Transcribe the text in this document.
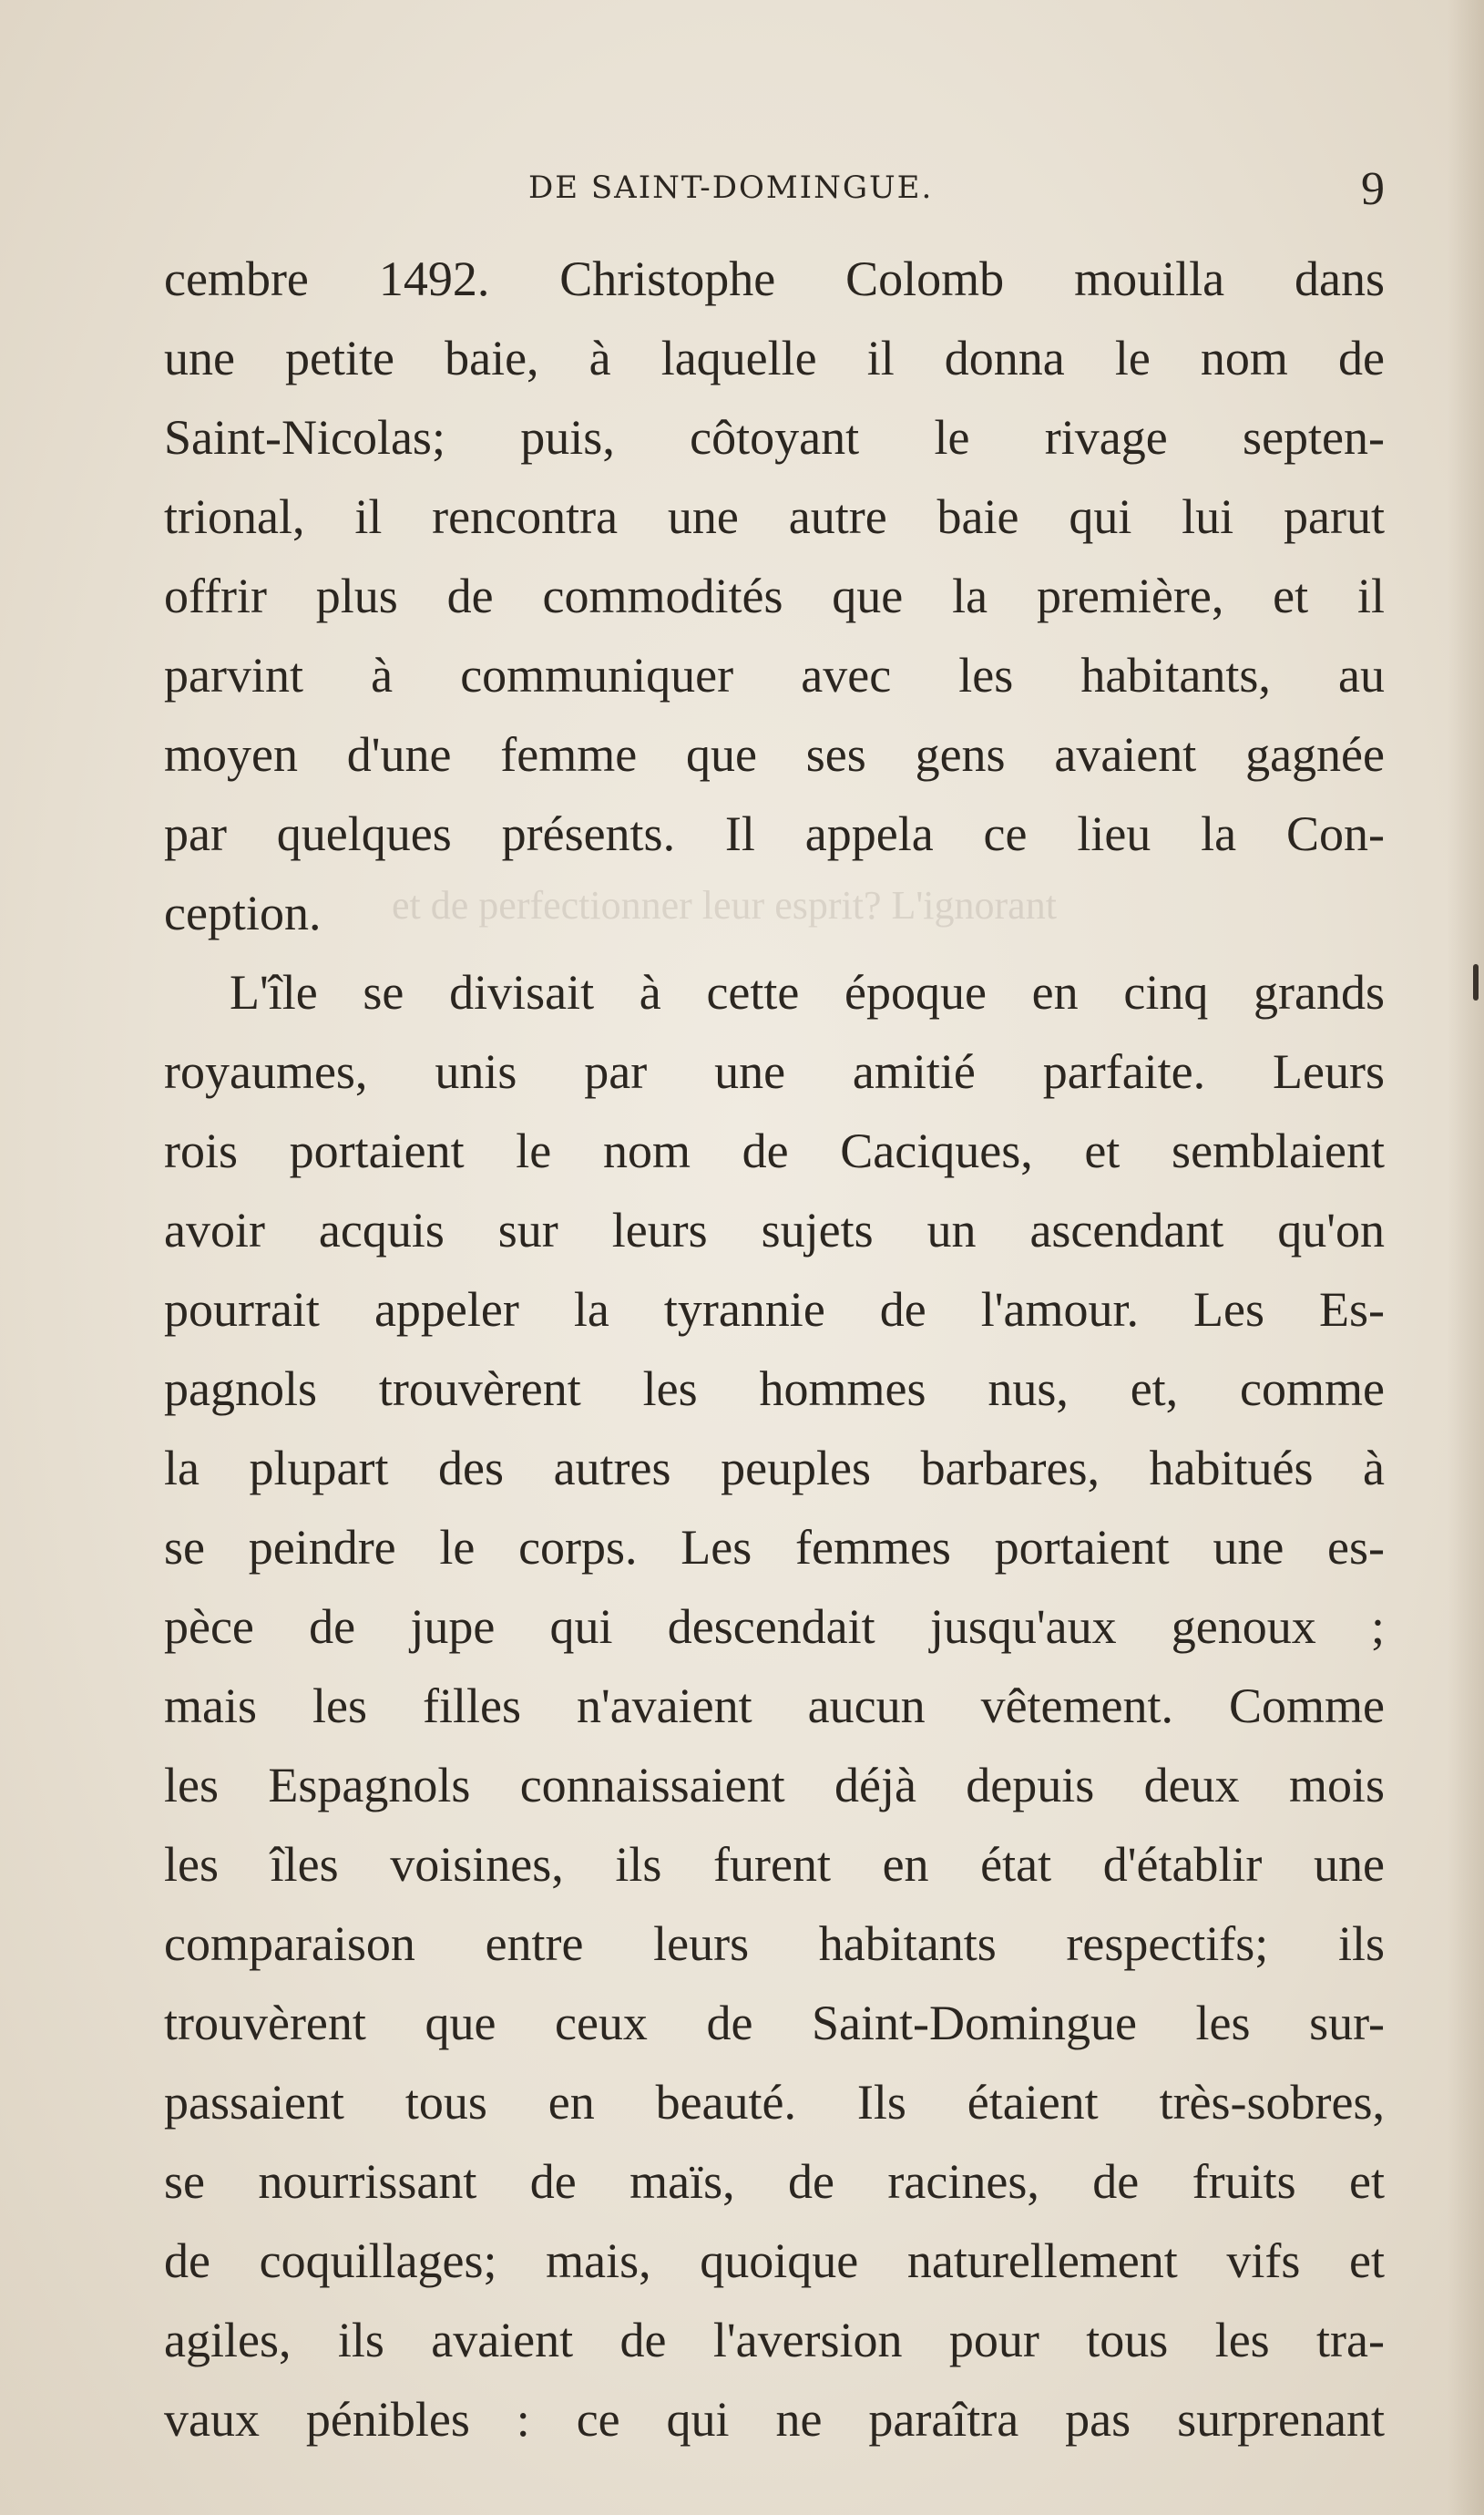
et de perfectionner leur esprit? L'ignorant
DE SAINT-DOMINGUE.	9
cembre 1492. Christophe Colomb mouilla dans
une petite baie, à laquelle il donna le nom de
Saint-Nicolas; puis, côtoyant le rivage septen-
trional, il rencontra une autre baie qui lui parut
offrir plus de commodités que la première, et il
parvint à communiquer avec les habitants, au
moyen d'une femme que ses gens avaient gagnée
par quelques présents. Il appela ce lieu la Con-
ception.
L'île se divisait à cette époque en cinq grands
royaumes, unis par une amitié parfaite. Leurs
rois portaient le nom de Caciques, et semblaient
avoir acquis sur leurs sujets un ascendant qu'on
pourrait appeler la tyrannie de l'amour. Les Es-
pagnols trouvèrent les hommes nus, et, comme
la plupart des autres peuples barbares, habitués à
se peindre le corps. Les femmes portaient une es-
pèce de jupe qui descendait jusqu'aux genoux ;
mais les filles n'avaient aucun vêtement. Comme
les Espagnols connaissaient déjà depuis deux mois
les îles voisines, ils furent en état d'établir une
comparaison entre leurs habitants respectifs; ils
trouvèrent que ceux de Saint-Domingue les sur-
passaient tous en beauté. Ils étaient très-sobres,
se nourrissant de maïs, de racines, de fruits et
de coquillages; mais, quoique naturellement vifs et
agiles, ils avaient de l'aversion pour tous les tra-
vaux pénibles : ce qui ne paraîtra pas surprenant
